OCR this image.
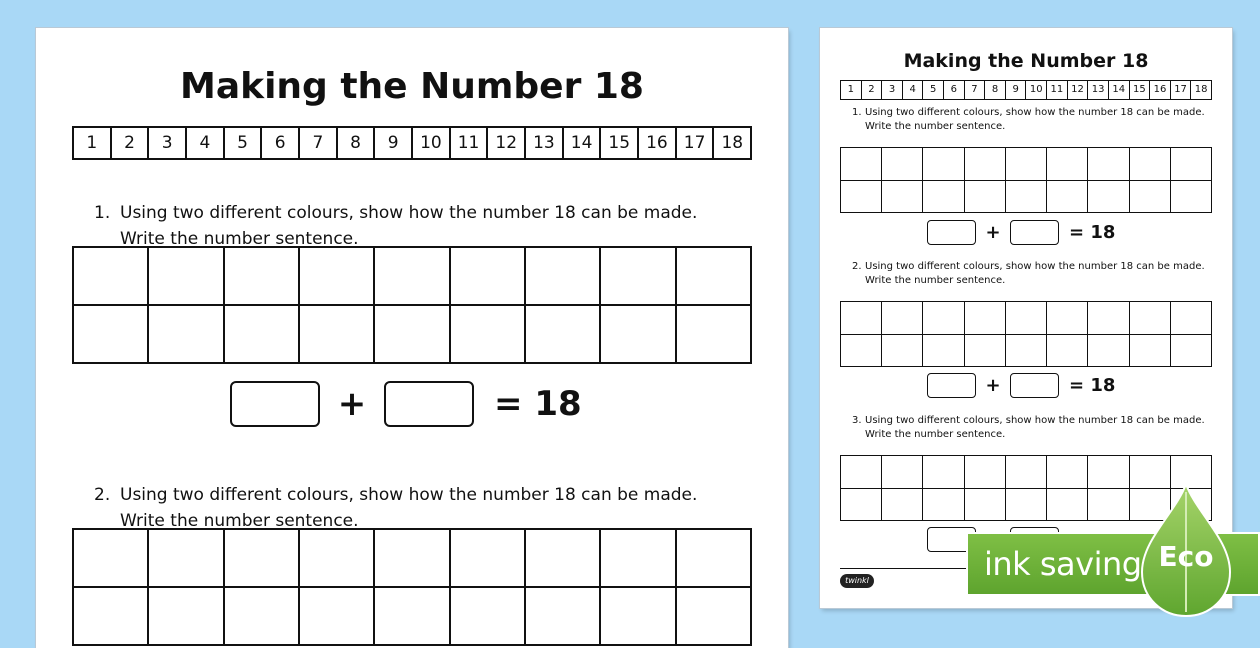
Making the Number 18
1	2	3	4	5	6	7	8	9	10 11 12 13 14 15 16 17 18
1. Using two different colours, show how the number 18 can be made.
Write the number sentence.
+	= 18
2. Using two different colours, show how the number 18 can be made.
Write the number sentence.
Making the Number 18
1	2	3	4	5	6	7	8	9	10 11 12 13 14 15 16 17 18
1. Using two different colours, show how the number 18 can be made.
Write the number sentence.
+	= 18
2. Using two different colours, show how the number 18 can be made.
Write the number sentence.
+	= 18
3. Using two different colours, show how the number 18 can be made.
Write the number sentence.
twinkl	ink saving Eco
